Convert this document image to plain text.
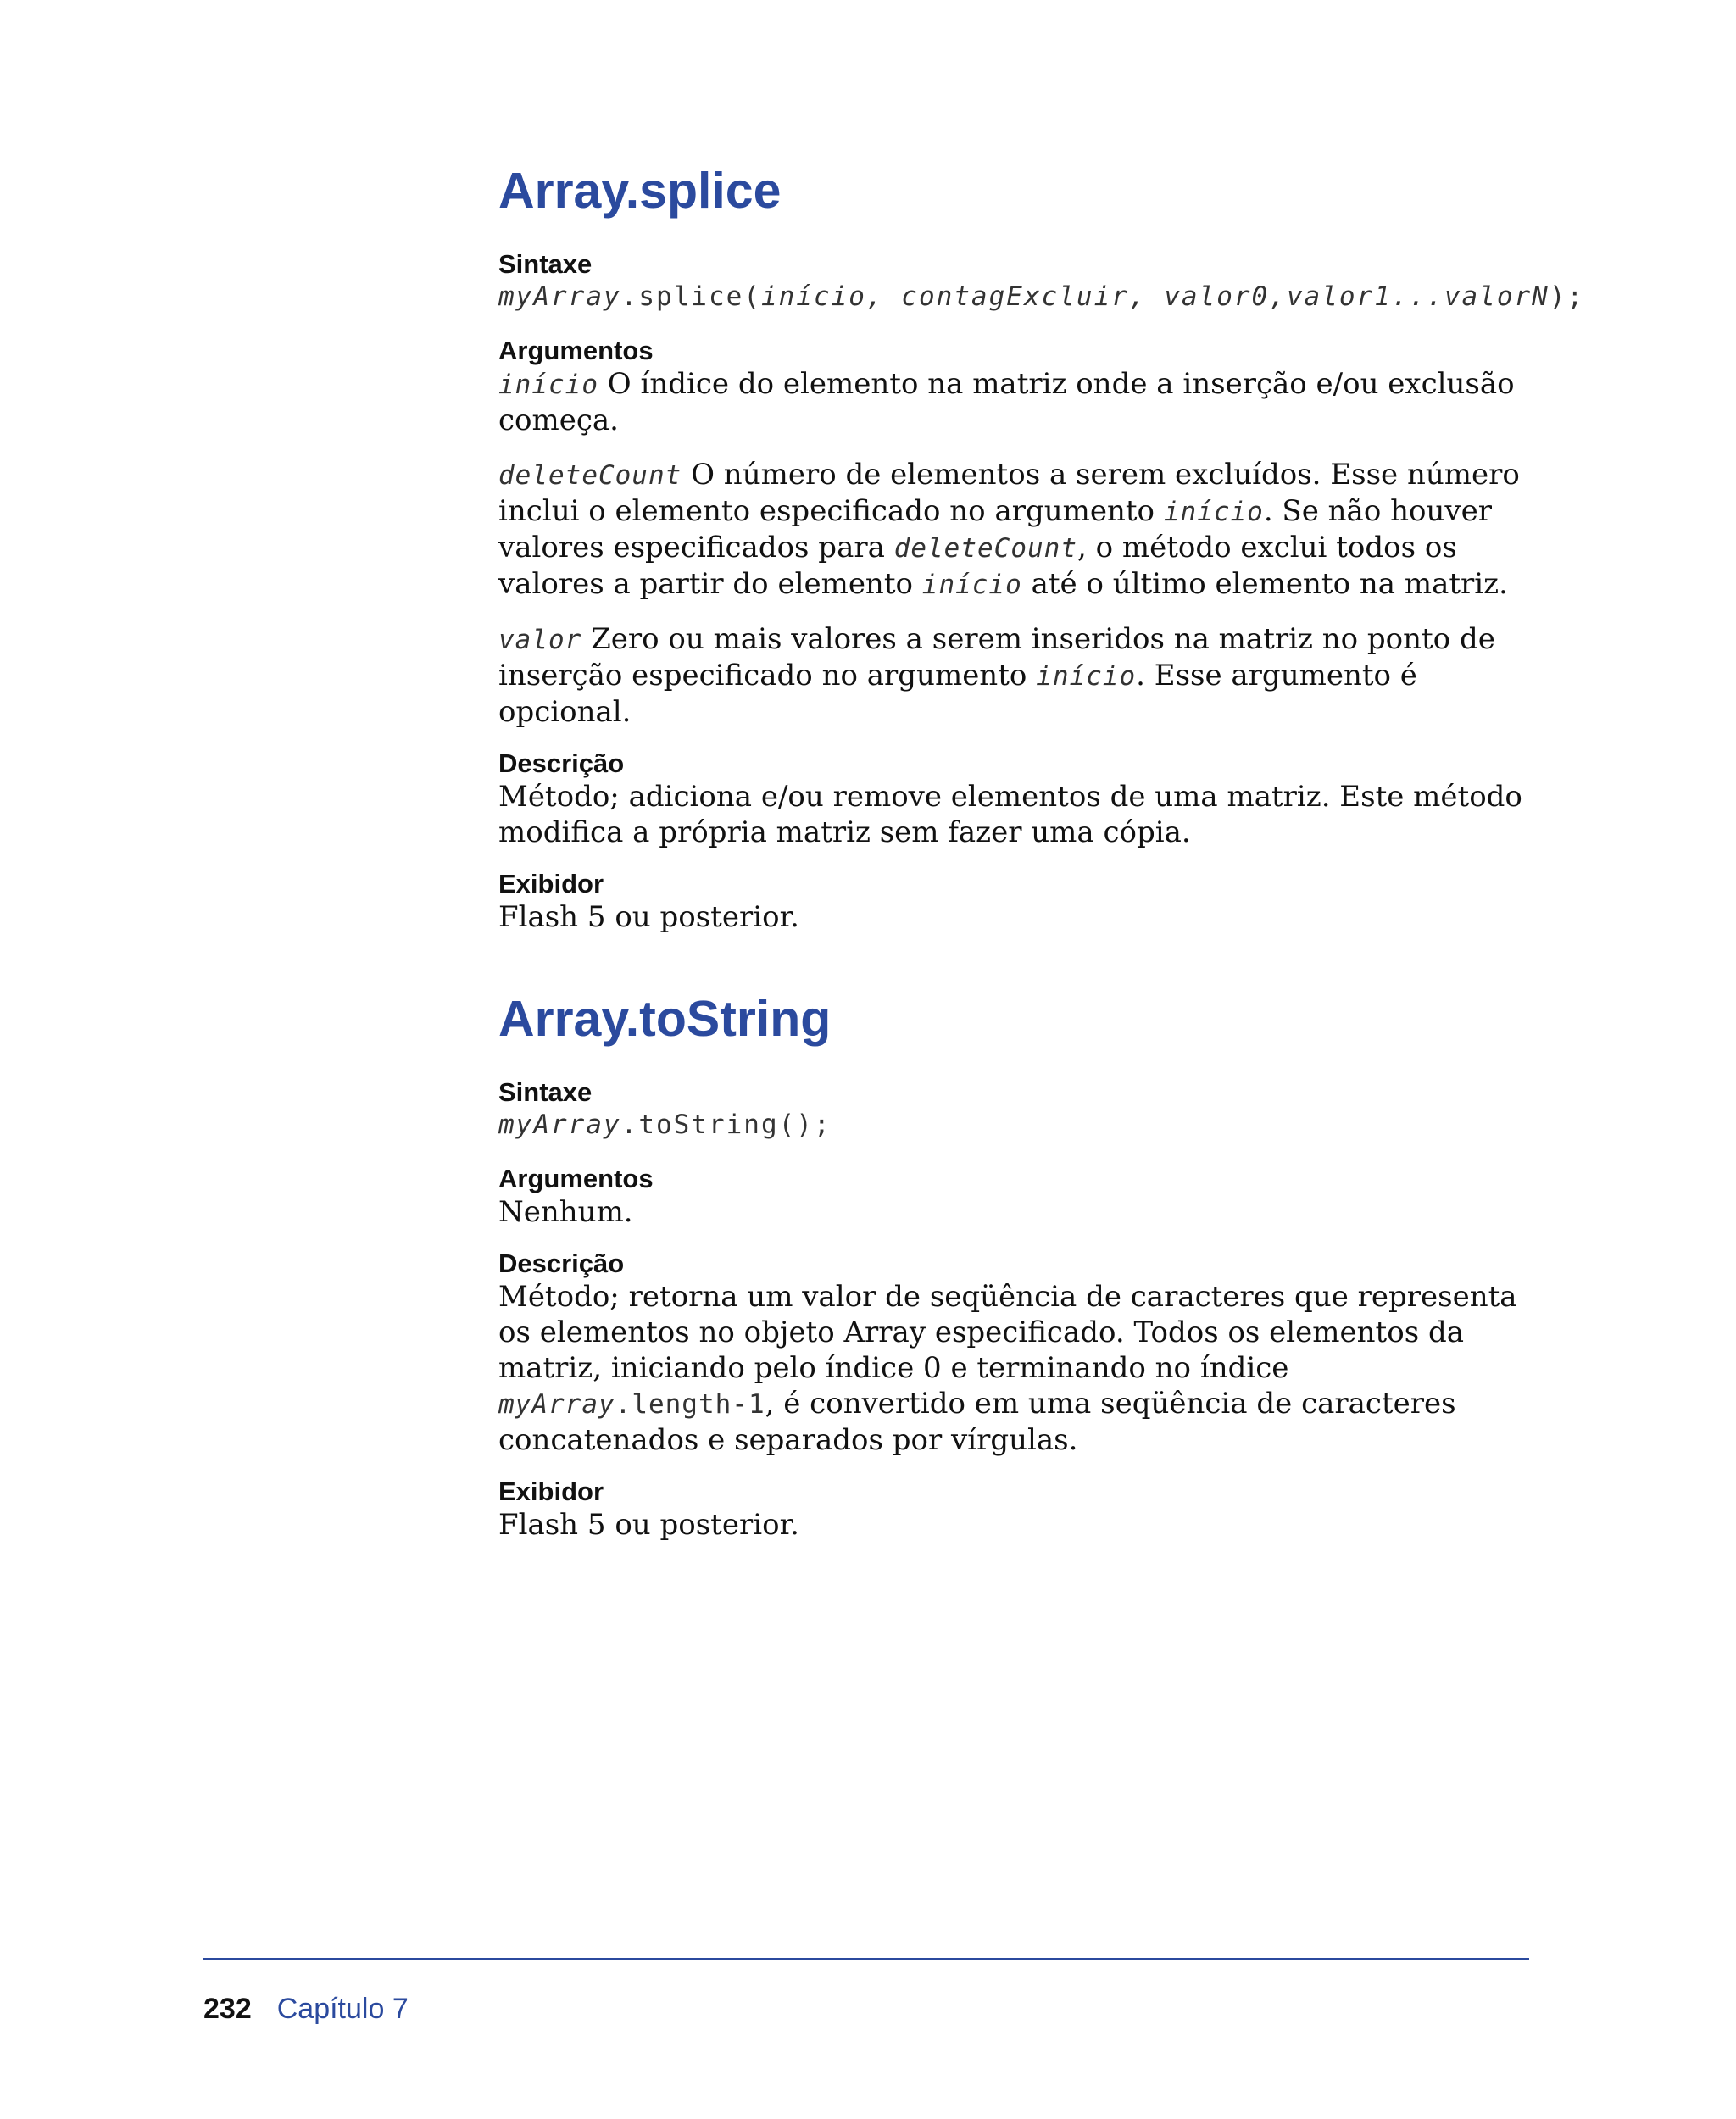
Array.splice

Sintaxe

myArray.splice(início, contagExcluir, valor0,valor1...valorN);

Argumentos

início O índice do elemento na matriz onde a inserção e/ou exclusão começa.

deleteCount O número de elementos a serem excluídos. Esse número inclui o elemento especificado no argumento início. Se não houver valores especificados para deleteCount, o método exclui todos os valores a partir do elemento início até o último elemento na matriz.

valor Zero ou mais valores a serem inseridos na matriz no ponto de inserção especificado no argumento início. Esse argumento é opcional.

Descrição

Método; adiciona e/ou remove elementos de uma matriz. Este método modifica a própria matriz sem fazer uma cópia.

Exibidor

Flash 5 ou posterior.

Array.toString

Sintaxe

myArray.toString();

Argumentos

Nenhum.

Descrição

Método; retorna um valor de seqüência de caracteres que representa os elementos no objeto Array especificado. Todos os elementos da matriz, iniciando pelo índice 0 e terminando no índice myArray.length-1, é convertido em uma seqüência de caracteres concatenados e separados por vírgulas.

Exibidor

Flash 5 ou posterior.

232 Capítulo 7
